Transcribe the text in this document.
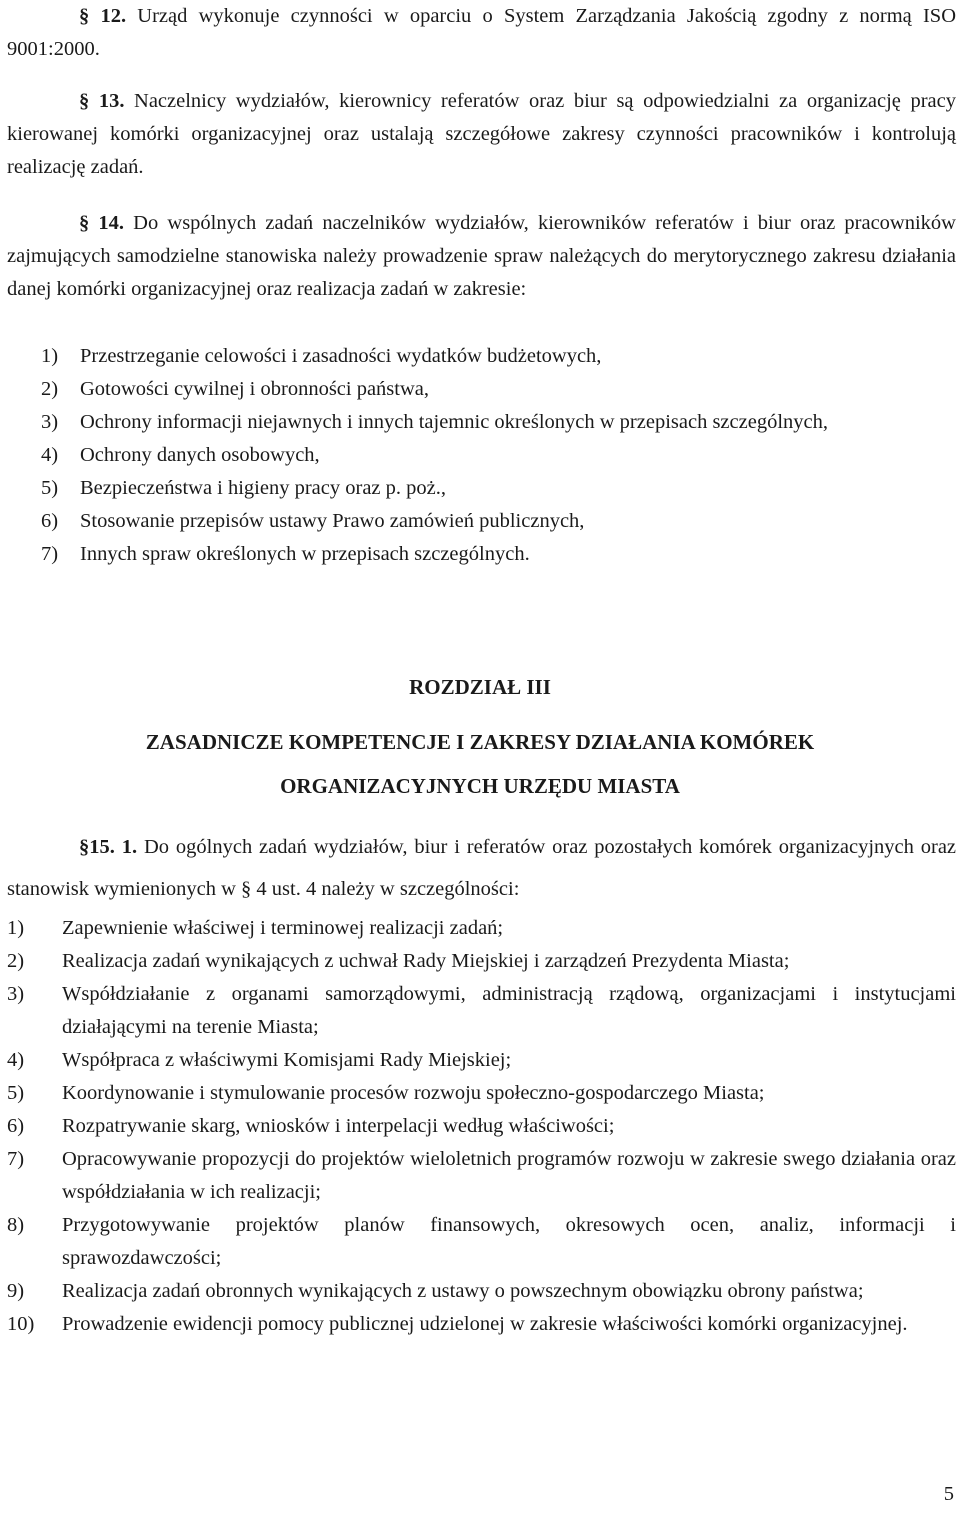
§ 12. Urząd wykonuje czynności w oparciu o System Zarządzania Jakością zgodny z normą ISO 9001:2000.

§ 13. Naczelnicy wydziałów, kierownicy referatów oraz biur są odpowiedzialni za organizację pracy kierowanej komórki organizacyjnej oraz ustalają szczegółowe zakresy czynności pracowników i kontrolują realizację zadań.

§ 14. Do wspólnych zadań naczelników wydziałów, kierowników referatów i biur oraz pracowników zajmujących samodzielne stanowiska należy prowadzenie spraw należących do merytorycznego zakresu działania danej komórki organizacyjnej oraz realizacja zadań w zakresie:

1) Przestrzeganie celowości i zasadności wydatków budżetowych,
2) Gotowości cywilnej i obronności państwa,
3) Ochrony informacji niejawnych i innych tajemnic określonych w przepisach szczególnych,
4) Ochrony danych osobowych,
5) Bezpieczeństwa i higieny pracy oraz p. poż.,
6) Stosowanie przepisów ustawy Prawo zamówień publicznych,
7) Innych spraw określonych w przepisach szczególnych.
ROZDZIAŁ III
ZASADNICZE KOMPETENCJE I ZAKRESY DZIAŁANIA KOMÓREK
ORGANIZACYJNYCH URZĘDU MIASTA

§15. 1. Do ogólnych zadań wydziałów, biur i referatów oraz pozostałych komórek organizacyjnych oraz stanowisk wymienionych w § 4 ust. 4 należy w szczególności:

1) Zapewnienie właściwej i terminowej realizacji zadań;
2) Realizacja zadań wynikających z uchwał Rady Miejskiej i zarządzeń Prezydenta Miasta;
3) Współdziałanie z organami samorządowymi, administracją rządową, organizacjami i instytucjami działającymi na terenie Miasta;
4) Współpraca z właściwymi Komisjami Rady Miejskiej;
5) Koordynowanie i stymulowanie procesów rozwoju społeczno-gospodarczego Miasta;
6) Rozpatrywanie skarg, wniosków i interpelacji według właściwości;
7) Opracowywanie propozycji do projektów wieloletnich programów rozwoju w zakresie swego działania oraz współdziałania w ich realizacji;
8) Przygotowywanie projektów planów finansowych, okresowych ocen, analiz, informacji i sprawozdawczości;
9) Realizacja zadań obronnych wynikających z ustawy o powszechnym obowiązku obrony państwa;
10) Prowadzenie ewidencji pomocy publicznej udzielonej w zakresie właściwości komórki organizacyjnej.
5
